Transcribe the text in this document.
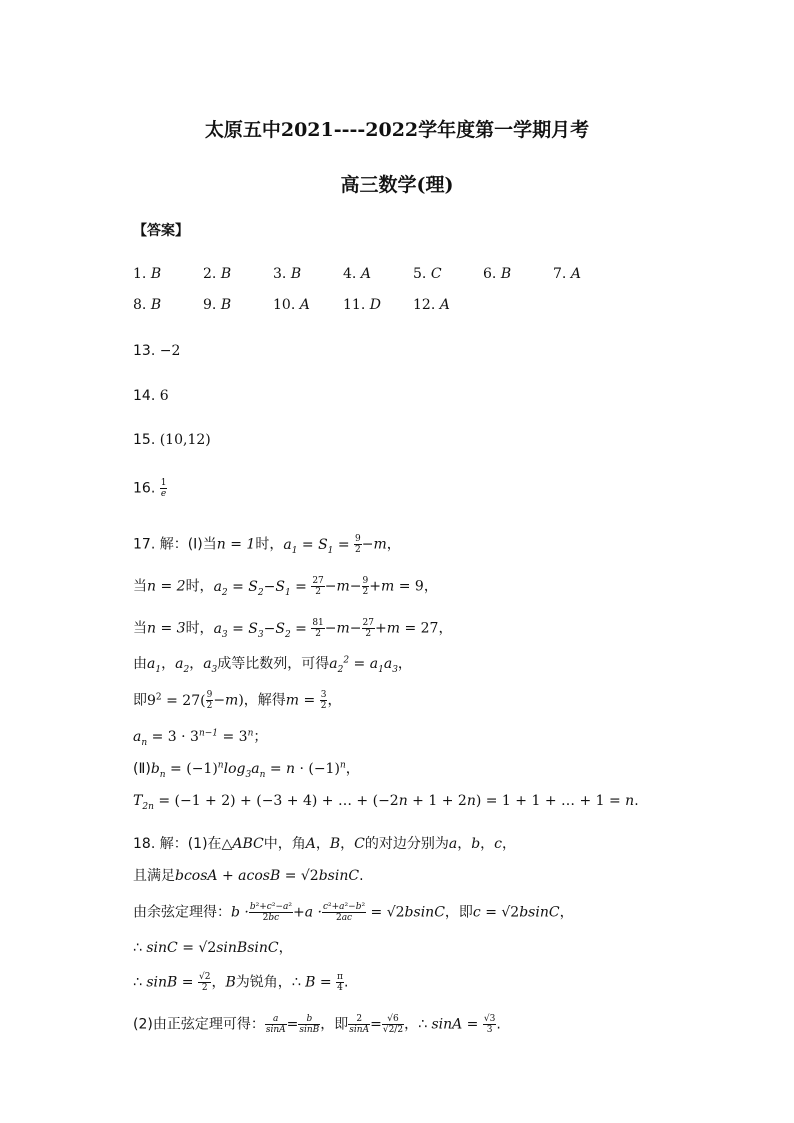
太原五中2021----2022学年度第一学期月考
高三数学(理)
【答案】
1. B	2. B	3. B	4. A	5. C	6. B	7. A
8. B	9. B	10. A 11. D 12. A
13. −2
14. 6
15. (10,12)
16. $\frac{1}{e}$
17. 解：(Ⅰ)当n = 1时，$a_1 = S_1 = \frac{9}{2} -m$，
当n = 2时，$a_2 = S_2-S_1 = \frac{27}{2} -m- \frac{9}{2} +m = 9$，
当n = 3时，$a_3 = S_3-S_2 = \frac{81}{2} -m- \frac{27}{2} +m = 27$，
由$a_1$，$a_2$，$a_3$成等比数列，可得$a_2^2 = a_1a_3$，
即$9^2 = 27( \frac{9}{2} -m)$，解得$m = \frac{3}{2}$ ，
$a_n = 3 \cdot 3^{n-1} = 3^n$；
$(Ⅱ)b_n = (-1)^n\log_3a_n = n \cdot (-1)^n$，
$T_{2n} = (-1 + 2) + (-3 + 4)$ + … + (−2n + 1 + 2n) = 1 + 1 + … + 1 = n.
18. 解：(1)在△ABC中，角A，B，C的对边分别为a，b，c，
且满足bcosA + acosB = √2bsinC.
由余弦定理得：$b \cdot \frac{\text{b²+c²−a²}}{2bc} +a \cdot \frac{\text{c²+a²−b²}}{2ac} = √2bsinC$，即c = √2bsinC，
∴ sinC = √2sinBsinC，
∴ $\sin B = \frac{√2}{2}$ ，B为锐角，∴ $B = \frac{\pi}{4}$ .
(2)由正弦定理可得： $\frac{a}{\sin A} = \frac{b}{\sin B}$ ，即 $\frac{2}{\sin A} = \frac{√6}{√2/2}$ ，∴ $\sin A = \frac{√3}{3}$ .
